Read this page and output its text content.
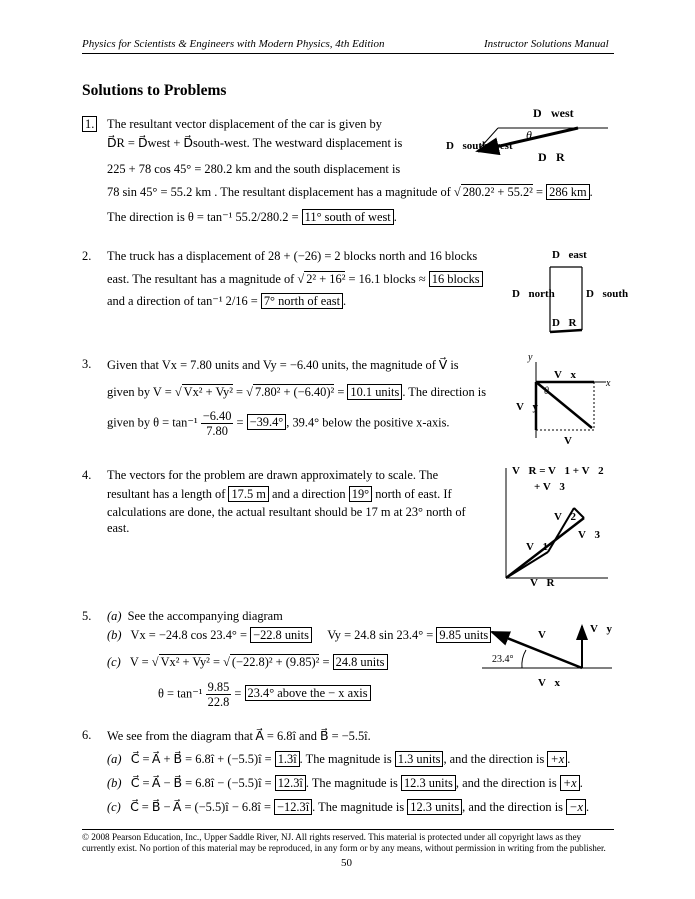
Physics for Scientists & Engineers with Modern Physics, 4th Edition	Instructor Solutions Manual
Solutions to Problems
1. The resultant vector displacement of the car is given by
D⃗R = D⃗west + D⃗south-west. The westward displacement is
225 + 78 cos 45° = 280.2 km and the south displacement is
78 sin 45° = 55.2 km . The resultant displacement has a magnitude of √ 280.2² + 55.2² = 286 km .
The direction is θ = tan⁻¹ 55.2/280.2 = 11° south of west .
D⃗west
θ
D⃗south-west
D⃗R
2. The truck has a displacement of 28 + (−26) = 2 blocks north and 16 blocks
east. The resultant has a magnitude of √ 2² + 16² = 16.1 blocks ≈ 16 blocks
and a direction of tan⁻¹ 2/16 = 7° north of east .
D⃗east
D⃗north	D⃗south
D⃗R
3. Given that Vx = 7.80 units and Vy = −6.40 units, the magnitude of V⃗ is
given by V = √ Vx² + Vy² = √ 7.80² + (−6.40)² = 10.1 units . The direction is
given by $\theta = \tan^{-1} \frac{-6.40}{7.80} = -39.4^\circ$ , 39.4° below the positive x-axis.
y
x
V⃗x
θ
V⃗y
V⃗
4. The vectors for the problem are drawn approximately to scale. The
resultant has a length of 17.5 m and a direction 19° north of east. If
calculations are done, the actual resultant should be 17 m at 23° north of
east.
V⃗R = V⃗1 + V⃗2
+ V⃗3
V⃗2
V⃗3
V⃗1
V⃗R
5. (a) See the accompanying diagram
(b) Vx = −24.8 cos 23.4° = −22.8 units Vy = 24.8 sin 23.4° = 9.85 units
(c) V = √ Vx² + Vy² = √ (−22.8)² + (9.85)² = 24.8 units
$\theta = \tan^{-1} \frac{9.85}{22.8} = 23.4^\circ$ above the − x axis
V⃗	V⃗y
23.4°
V⃗x
6. We see from the diagram that A⃗ = 6.8î and B⃗ = −5.5î.
(a) C⃗ = A⃗ + B⃗ = 6.8î + (−5.5)î = 1.3î . The magnitude is 1.3 units , and the direction is +x .
(b) C⃗ = A⃗ − B⃗ = 6.8î − (−5.5)î = 12.3î . The magnitude is 12.3 units , and the direction is +x .
(c) C⃗ = B⃗ − A⃗ = (−5.5)î − 6.8î = −12.3î . The magnitude is 12.3 units , and the direction is −x .
© 2008 Pearson Education, Inc., Upper Saddle River, NJ. All rights reserved. This material is protected under all copyright laws as they
currently exist. No portion of this material may be reproduced, in any form or by any means, without permission in writing from the publisher.
50
